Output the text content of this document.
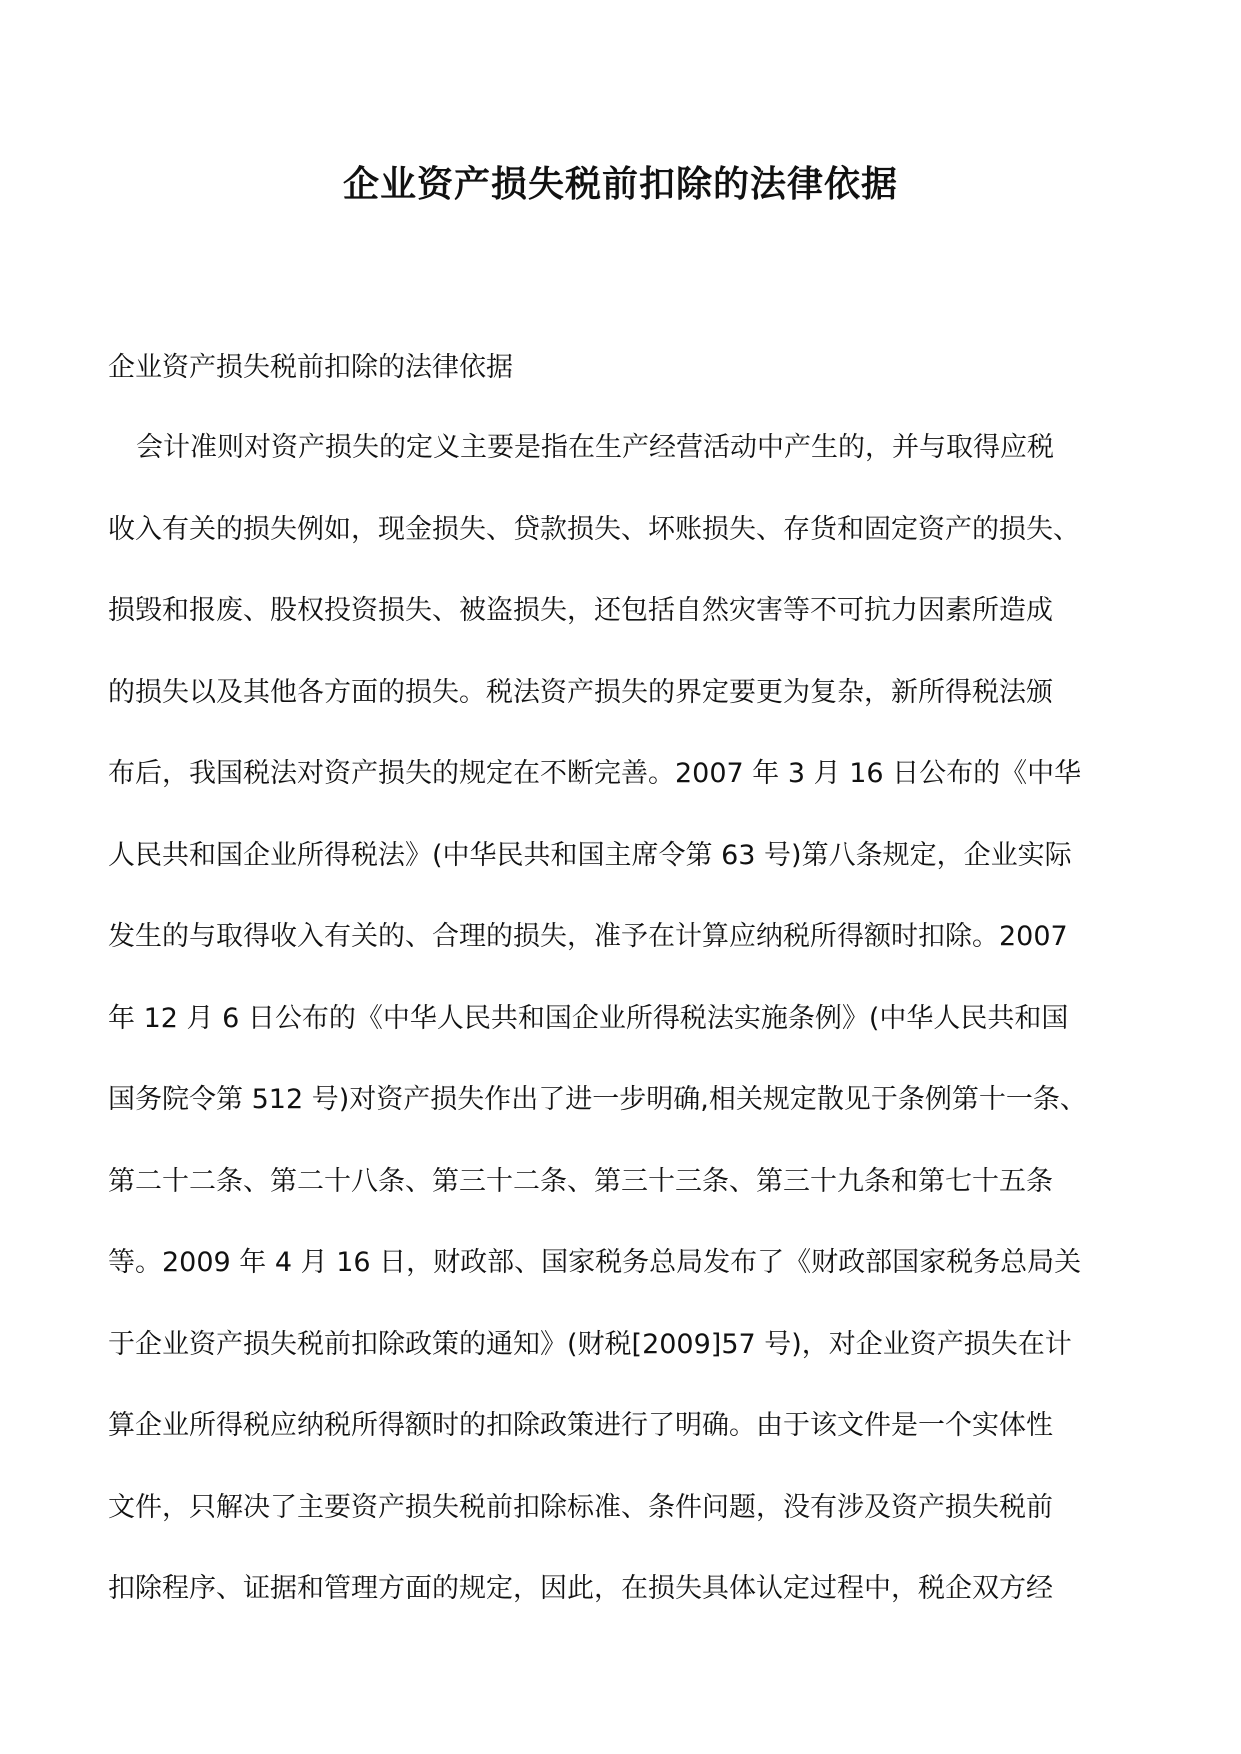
企业资产损失税前扣除的法律依据

企业资产损失税前扣除的法律依据

会计准则对资产损失的定义主要是指在生产经营活动中产生的，并与取得应税
收入有关的损失例如，现金损失、贷款损失、坏账损失、存货和固定资产的损失、
损毁和报废、股权投资损失、被盗损失，还包括自然灾害等不可抗力因素所造成
的损失以及其他各方面的损失。税法资产损失的界定要更为复杂，新所得税法颁
布后，我国税法对资产损失的规定在不断完善。2007 年 3 月 16 日公布的《中华
人民共和国企业所得税法》(中华民共和国主席令第 63 号)第八条规定，企业实际
发生的与取得收入有关的、合理的损失，准予在计算应纳税所得额时扣除。2007
年 12 月 6 日公布的《中华人民共和国企业所得税法实施条例》(中华人民共和国
国务院令第 512 号)对资产损失作出了进一步明确,相关规定散见于条例第十一条、
第二十二条、第二十八条、第三十二条、第三十三条、第三十九条和第七十五条
等。2009 年 4 月 16 日，财政部、国家税务总局发布了《财政部国家税务总局关
于企业资产损失税前扣除政策的通知》(财税[2009]57 号)，对企业资产损失在计
算企业所得税应纳税所得额时的扣除政策进行了明确。由于该文件是一个实体性
文件，只解决了主要资产损失税前扣除标准、条件问题，没有涉及资产损失税前
扣除程序、证据和管理方面的规定，因此，在损失具体认定过程中，税企双方经
